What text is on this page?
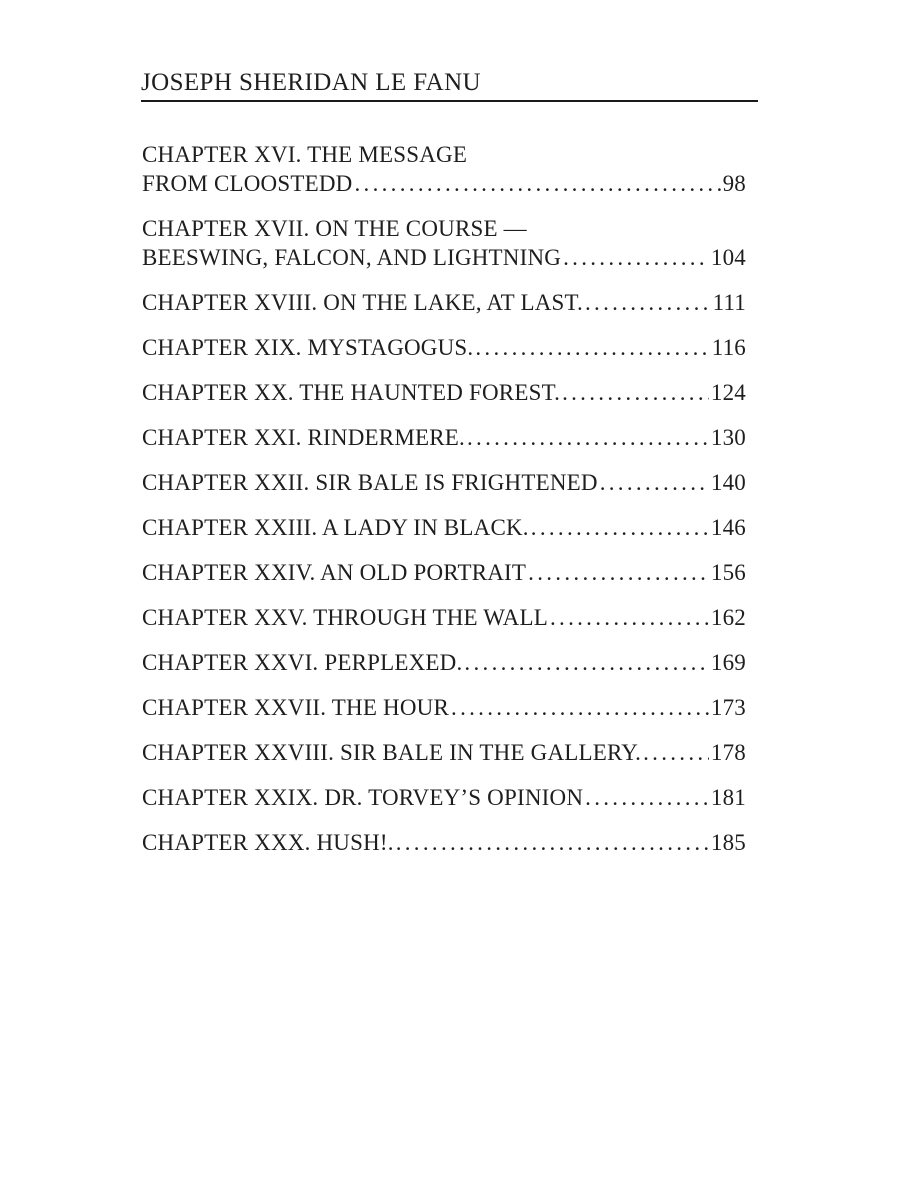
JOSEPH SHERIDAN LE FANU
CHAPTER XVI. THE MESSAGE
FROM CLOOSTEDD .....	98
CHAPTER XVII. ON THE COURSE —
BEESWING, FALCON, AND LIGHTNING .....	104
CHAPTER XVIII. ON THE LAKE, AT LAST. .....	111
CHAPTER XIX. MYSTAGOGUS. .....	116
CHAPTER XX. THE HAUNTED FOREST. .....	124
CHAPTER XXI. RINDERMERE. .....	130
CHAPTER XXII. SIR BALE IS FRIGHTENED .....	140
CHAPTER XXIII. A LADY IN BLACK. .....	146
CHAPTER XXIV. AN OLD PORTRAIT .....	156
CHAPTER XXV. THROUGH THE WALL .....	162
CHAPTER XXVI. PERPLEXED. .....	169
CHAPTER XXVII. THE HOUR .....	173
CHAPTER XXVIII. SIR BALE IN THE GALLERY. .....	178
CHAPTER XXIX. DR. TORVEY’S OPINION .....	181
CHAPTER XXX. HUSH!. .....	185
